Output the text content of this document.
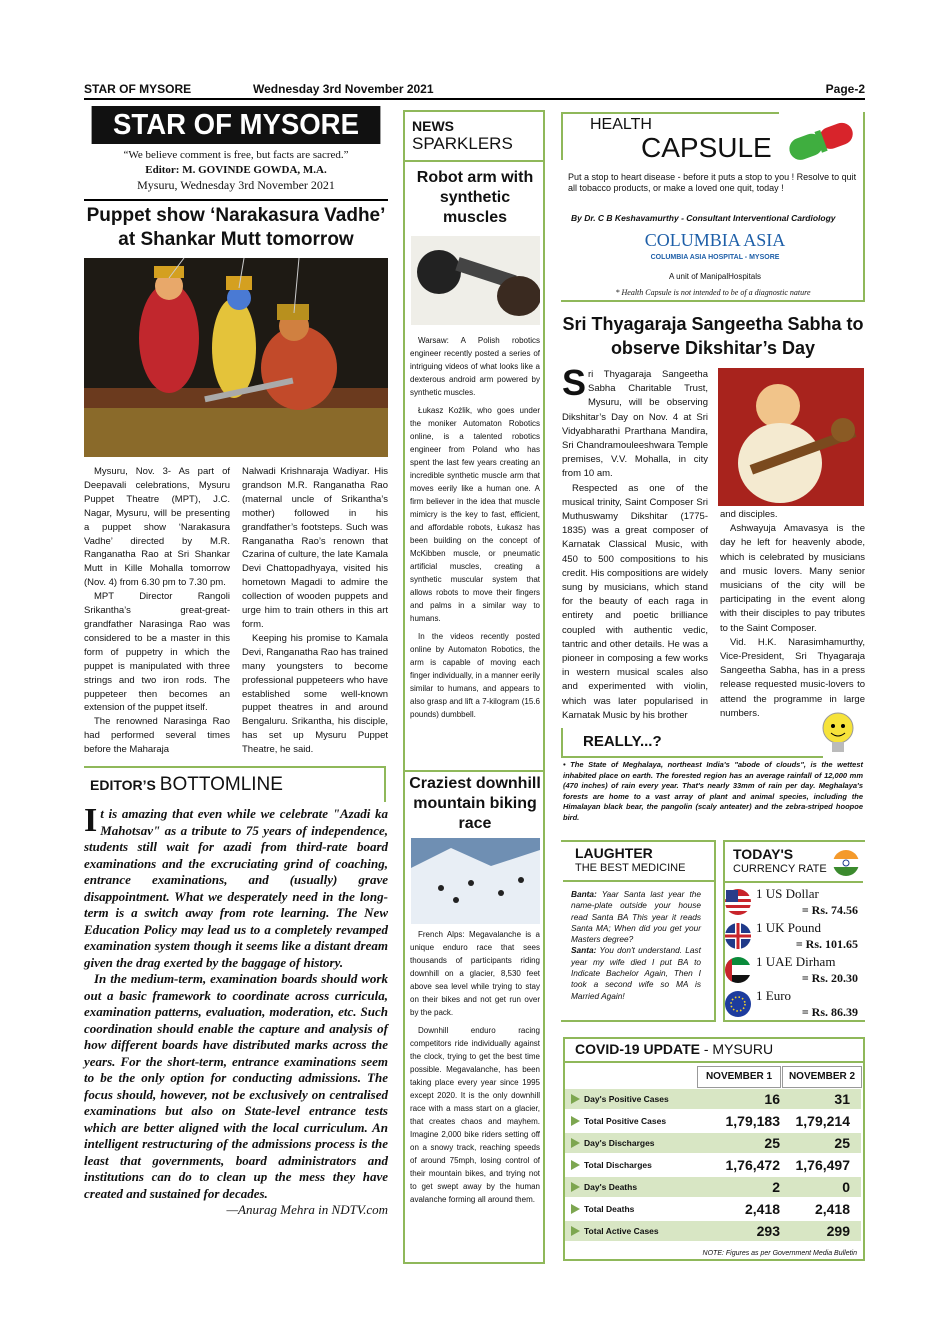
STAR OF MYSORE	Wednesday 3rd November 2021	Page-2
STAR OF MYSORE
“We believe comment is free, but facts are sacred.”
Editor: M. GOVINDE GOWDA, M.A.
Mysuru, Wednesday 3rd November 2021
Puppet show ‘Narakasura Vadhe’ at Shankar Mutt tomorrow

Mysuru, Nov. 3- As part of Deepavali celebrations, Mysuru Puppet Theatre (MPT), J.C. Nagar, Mysuru, will be presenting a puppet show ‘Narakasura Vadhe’ directed by M.R. Ranganatha Rao at Sri Shankar Mutt in Kille Mohalla tomorrow (Nov. 4) from 6.30 pm to 7.30 pm.

MPT Director Rangoli Srikantha’s great-great-grandfather Narasinga Rao was considered to be a master in this form of puppetry in which the puppet is manipulated with three strings and two iron rods. The puppeteer then becomes an extension of the puppet itself.

The renowned Narasinga Rao had performed several times before the Maharaja

Nalwadi Krishnaraja Wadiyar. His grandson M.R. Ranganatha Rao (maternal uncle of Srikantha’s mother) followed in his grandfather’s footsteps. Such was Ranganatha Rao’s renown that Czarina of culture, the late Kamala Devi Chattopadhyaya, visited his hometown Magadi to admire the collection of wooden puppets and urge him to train others in this art form.

Keeping his promise to Kamala Devi, Ranganatha Rao has trained many youngsters to become professional puppeteers who have established some well-known puppet theatres in and around Bengaluru. Srikantha, his disciple, has set up Mysuru Puppet Theatre, he said.

EDITOR’S BOTTOMLINE

It is amazing that even while we celebrate "Azadi ka Mahotsav" as a tribute to 75 years of independence, students still wait for azadi from third-rate board examinations and the excruciating grind of coaching, entrance examinations, and (usually) grave disappointment. What we desperately need in the long-term is a switch away from rote learning. The New Education Policy may lead us to a completely revamped examination system though it seems like a distant dream given the drag exerted by the baggage of history.

In the medium-term, examination boards should work out a basic framework to coordinate across curricula, examination patterns, evaluation, moderation, etc. Such coordination should enable the capture and analysis of how different boards have distributed marks across the years. For the short-term, entrance examinations seem to be the only option for conducting admissions. The focus should, however, not be exclusively on centralised examinations but also on State-level entrance tests which are better aligned with the local curriculum. An intelligent restructuring of the admissions process is the least that governments, board administrators and institutions can do to clean up the mess they have created and sustained for decades.

—Anurag Mehra in NDTV.com

NEWS
SPARKLERS
Robot arm with synthetic muscles

Warsaw: A Polish robotics engineer recently posted a series of intriguing videos of what looks like a dexterous android arm powered by synthetic muscles.

Łukasz Kożlik, who goes under the moniker Automaton Robotics online, is a talented robotics engineer from Poland who has spent the last few years creating an incredible synthetic muscle arm that moves eerily like a human one. A firm believer in the idea that muscle mimicry is the key to fast, efficient, and affordable robots, Łukasz has been building on the concept of McKibben muscle, or pneumatic artificial muscles, creating a synthetic muscular system that allows robots to move their fingers and palms in a similar way to humans.

In the videos recently posted online by Automaton Robotics, the arm is capable of moving each finger individually, in a manner eerily similar to humans, and appears to also grasp and lift a 7-kilogram (15.6 pounds) dumbbell.

Craziest downhill mountain biking race

French Alps: Megavalanche is a unique enduro race that sees thousands of participants riding downhill on a glacier, 8,530 feet above sea level while trying to stay on their bikes and not get run over by the pack.

Downhill enduro racing competitors ride individually against the clock, trying to get the best time possible. Megavalanche, has been taking place every year since 1995 except 2020. It is the only downhill race with a mass start on a glacier, that creates chaos and mayhem. Imagine 2,000 bike riders setting off on a snowy track, reaching speeds of around 75mph, losing control of their mountain bikes, and trying not to get swept away by the human avalanche forming all around them.

HEALTH
CAPSULE
Put a stop to heart disease - before it puts a stop to you ! Resolve to quit all tobacco products, or make a loved one quit, today !
By Dr. C B Keshavamurthy - Consultant Interventional Cardiology
COLUMBIA ASIA
COLUMBIA ASIA HOSPITAL - MYSORE
A unit of ManipalHospitals
* Health Capsule is not intended to be of a diagnostic nature
Sri Thyagaraja Sangeetha Sabha to observe Dikshitar’s Day

Sri Thyagaraja Sangeetha Sabha Charitable Trust, Mysuru, will be observing Dikshitar’s Day on Nov. 4 at Sri Vidyabharathi Prarthana Mandira, Sri Chandramouleeshwara Temple premises, V.V. Mohalla, in city from 10 am.

Respected as one of the musical trinity, Saint Composer Sri Muthuswamy Dikshitar (1775-1835) was a great composer of Karnatak Classical Music, with 450 to 500 compositions to his credit. His compositions are widely sung by musicians, which stand for the beauty of each raga in entirety and poetic brilliance coupled with authentic vedic, tantric and other details. He was a pioneer in composing a few works in western musical scales also and experimented with violin, which was later popularised in Karnatak Music by his brother

and disciples.

Ashwayuja Amavasya is the day he left for heavenly abode, which is celebrated by musicians and music lovers. Many senior musicians of the city will be participating in the event along with their disciples to pay tributes to the Saint Composer.

Vid. H.K. Narasimhamurthy, Vice-President, Sri Thyagaraja Sangeetha Sabha, has in a press release requested music-lovers to attend the programme in large numbers.

REALLY...?
• The State of Meghalaya, northeast India's "abode of clouds", is the wettest inhabited place on earth. The forested region has an average rainfall of 12,000 mm (470 inches) of rain every year. That's nearly 33mm of rain per day. Meghalaya's forests are home to a vast array of plant and animal species, including the Himalayan black bear, the pangolin (scaly anteater) and the zebra-striped hoopoe bird.
LAUGHTER
THE BEST MEDICINE

Banta: Yaar Santa last year the name-plate outside your house read Santa BA This year it reads Santa MA; When did you get your Masters degree?

Santa: You don't understand. Last year my wife died I put BA to Indicate Bachelor Again, Then I took a second wife so MA is Married Again!

TODAY'S
CURRENCY RATE
1 US Dollar
= Rs. 74.56
1 UK Pound
= Rs. 101.65
1 UAE Dirham
= Rs. 20.30
1 Euro
= Rs. 86.39
COVID-19 UPDATE - MYSURU
NOVEMBER 1	NOVEMBER 2
Day's Positive Cases	16	31
Total Positive Cases	1,79,183	1,79,214
Day's Discharges	25	25
Total Discharges	1,76,472	1,76,497
Day's Deaths	2	0
Total Deaths	2,418	2,418
Total Active Cases	293	299
NOTE: Figures as per Government Media Bulletin
